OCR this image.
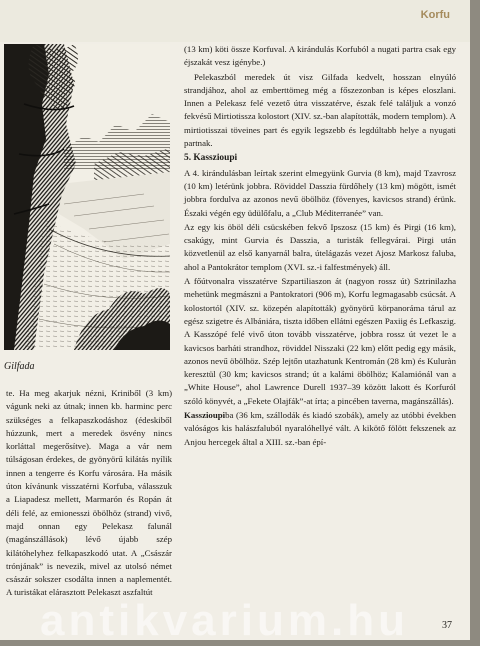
Korfu
Gilfada

te. Ha meg akarjuk nézni, Kriniből (3 km) vágunk neki az útnak; innen kb. harminc perc szükséges a felkapaszkodáshoz (édeskiből húzzunk, mert a meredek ösvény nincs korláttal megerősítve). Maga a vár nem túlságosan érdekes, de gyönyörű kilátás nyílik innen a tengerre és Korfu városára. Ha másik úton kívánunk visszatérni Korfuba, válasszuk a Liapadesz mellett, Marmarón és Ropán át déli felé, az emionesszi öbölhöz (strand) vivő, majd onnan egy Pelekasz falunál (magánszállások) lévő újabb szép kilátóhelyhez felkapaszkodó utat. A „Császár trónjának” is nevezik, mivel az utolsó német császár sokszer csodálta innen a naplementét. A turistákat elárasztott Pelekaszt aszfaltút

(13 km) köti össze Korfuval. A kirándulás Korfuból a nugati partra csak egy éjszakát vesz igénybe.)

Pelekaszból meredek út visz Gilfada kedvelt, hosszan elnyúló strandjához, ahol az emberttömeg még a főszezonban is képes eloszlani. Innen a Pelekasz felé vezető útra visszatérve, észak felé találjuk a vonzó fekvésű Mirtiotissza kolostort (XIV. sz.-ban alapították, modern templom). A mirtiotisszai töveines part és egyik legszebb és legdúltabb helye a nyugati partnak.

5. Kasszioupi

A 4. kirándulásban leírtak szerint elmegyünk Gurvia (8 km), majd Tzavrosz (10 km) letérünk jobbra. Röviddel Dasszia fürdőhely (13 km) mögött, ismét jobbra fordulva az azonos nevű öbölhöz (fövenyes, kavicsos strand) érünk. Északi végén egy üdülőfalu, a „Club Méditerranée” van.

Az egy kis öböl déli csücskében fekvő Ipszosz (15 km) és Pirgi (16 km), csakúgy, mint Gurvia és Dasszia, a turisták fellegvárai. Pirgi után közvetlenül az első kanyarnál balra, útelágazás vezet Ajosz Markosz faluba, ahol a Pantokrátor templom (XVI. sz.-i falfestmények) áll.

A főútvonalra visszatérve Szpartiliaszon át (nagyon rossz út) Sztrinilazha mehetünk megmászni a Pantokratori (906 m), Korfu legmagasabb csúcsát. A kolostortól (XIV. sz. közepén alapították) gyönyörű körpanoráma tárul az egész szigetre és Albániára, tiszta időben ellátni egészen Paxiig és Lefkaszig. A Kasszópé felé vivő úton tovább visszatérve, jobbra rossz út vezet le a kavicsos barháti strandhoz, röviddel Nisszaki (22 km) előtt pedig egy másik, azonos nevű öbölhöz. Szép lejtőn utazhatunk Kentromán (28 km) és Kuluràn keresztül (30 km; kavicsos strand; út a kalámi öbölhöz; Kalamiónál van a „White House”, ahol Lawrence Durell 1937–39 között lakott és Korfuról szóló könyvét, a „Fekete Olajfák”-at írta; a pincében taverna, magánszállás).

Kasszioupiba (36 km, szállodák és kiadó szobák), amely az utóbbi években valóságos kis halászfaluból nyaralóhellyé vált. A kikötő fölött fekszenek az Anjou hercegek által a XIII. sz.-ban épí-

37
antikvarium.hu
